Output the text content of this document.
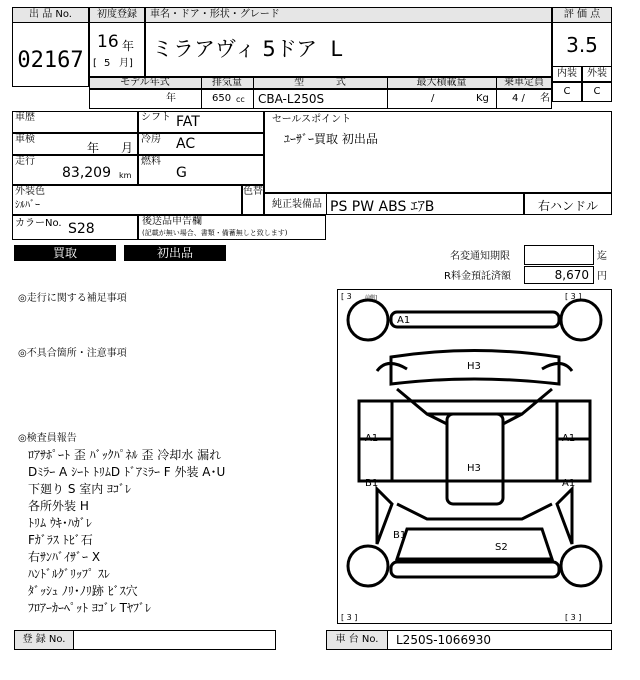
出 品 No.
02167
初度登録
16 年
[ 5 月]
車名・ドア・形状・グレード
ミラアヴィ 5ドア  L
評 価 点
3.5
内装	外装
C	C
モデル年式	排気量	型          式	最大積載量	乗車定員
年	650 cc CBA-L250S	/	Kg 4 / 名
車歴	シフト FAT
車検
年 月
冷房 AC
走行
83,209 km
燃料
G
セールスポイント
ﾕｰｻﾞｰ買取 初出品
外装色
ｼﾙﾊﾞｰ
色替
純正装備品 PS PW ABS ｴｱB	右ハンドル
カラーNo. S28	後送品申告欄
(記載が無い場合、書類・備蓄無しと致します)
買取	初出品	名変通知期限	迄
R料金預託済額	8,670 円
◎走行に関する補足事項
◎不具合箇所・注意事項
◎検査員報告
ﾛｱｻﾎﾟｰﾄ 歪 ﾊﾞｯｸﾊﾟﾈﾙ 歪 冷却水 漏れ
Dﾐﾗｰ A ｼｰﾄ ﾄﾘﾑD ﾄﾞｱﾐﾗｰ F 外装 A･U
下廻り S 室内 ﾖｺﾞﾚ
各所外装 H
ﾄﾘﾑ ｳｷ･ﾊｶﾞﾚ
Fｶﾞﾗｽ ﾄﾋﾞ石
右ｻﾝﾊﾞｲｻﾞｰ X
ﾊﾝﾄﾞﾙｸﾞﾘｯﾌﾟ ｽﾚ
ﾀﾞｯｼｭ ﾉﾘ･ﾉﾘ跡 ﾋﾞｽ穴
ﾌﾛｱｰｶｰﾍﾟｯﾄ ﾖｺﾞﾚ Tﾔﾌﾞﾚ
[ 3	前側]	[ 3 ]
[ 3 ]	[ 3 ]
A1
H3
A1	A1
H3
B1	A1
B1
S2
登 録 No.	車 台 No.	L250S-1066930
